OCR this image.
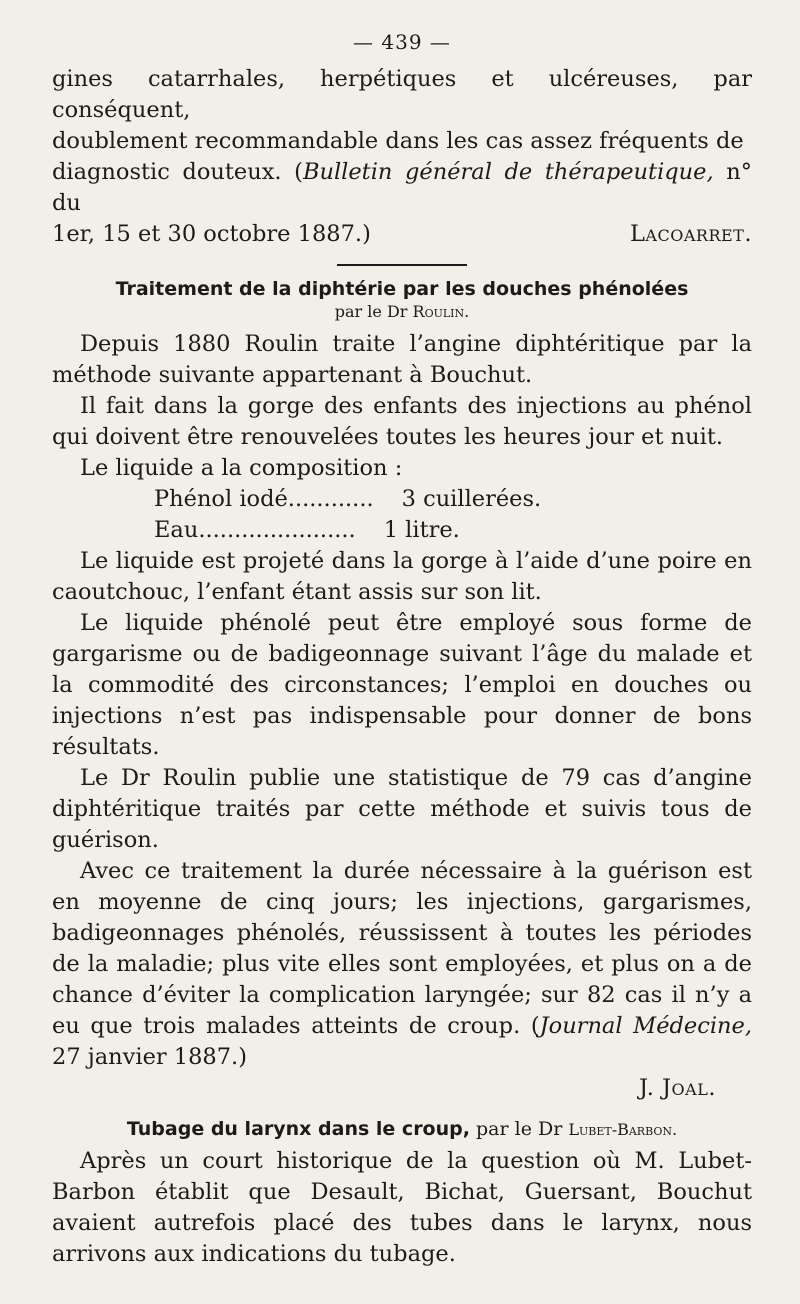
— 439 —

gines catarrhales, herpétiques et ulcéreuses, par conséquent,

doublement recommandable dans les cas assez fréquents de

diagnostic douteux. (Bulletin général de thérapeutique, n° du

1er, 15 et 30 octobre 1887.)	Lacoarret.
Traitement de la diphtérie par les douches phénolées
par le Dr Roulin.

Depuis 1880 Roulin traite l’angine diphtéritique par la méthode suivante appartenant à Bouchut.

Il fait dans la gorge des enfants des injections au phénol qui doivent être renouvelées toutes les heures jour et nuit.

Le liquide a la composition :

Phénol iodé ............	3 cuillerées.
Eau ......................	1 litre.

Le liquide est projeté dans la gorge à l’aide d’une poire en caoutchouc, l’enfant étant assis sur son lit.

Le liquide phénolé peut être employé sous forme de gargarisme ou de badigeonnage suivant l’âge du malade et la commodité des circonstances; l’emploi en douches ou injections n’est pas indispensable pour donner de bons résultats.

Le Dr Roulin publie une statistique de 79 cas d’angine diphtéritique traités par cette méthode et suivis tous de guérison.

Avec ce traitement la durée nécessaire à la guérison est en moyenne de cinq jours; les injections, gargarismes, badigeonnages phénolés, réussissent à toutes les périodes de la maladie; plus vite elles sont employées, et plus on a de chance d’éviter la complication laryngée; sur 82 cas il n’y a eu que trois malades atteints de croup. (Journal Médecine, 27 janvier 1887.)

J. Joal.
Tubage du larynx dans le croup, par le Dr Lubet-Barbon.

Après un court historique de la question où M. Lubet-Barbon établit que Desault, Bichat, Guersant, Bouchut avaient autrefois placé des tubes dans le larynx, nous arrivons aux indications du tubage.
